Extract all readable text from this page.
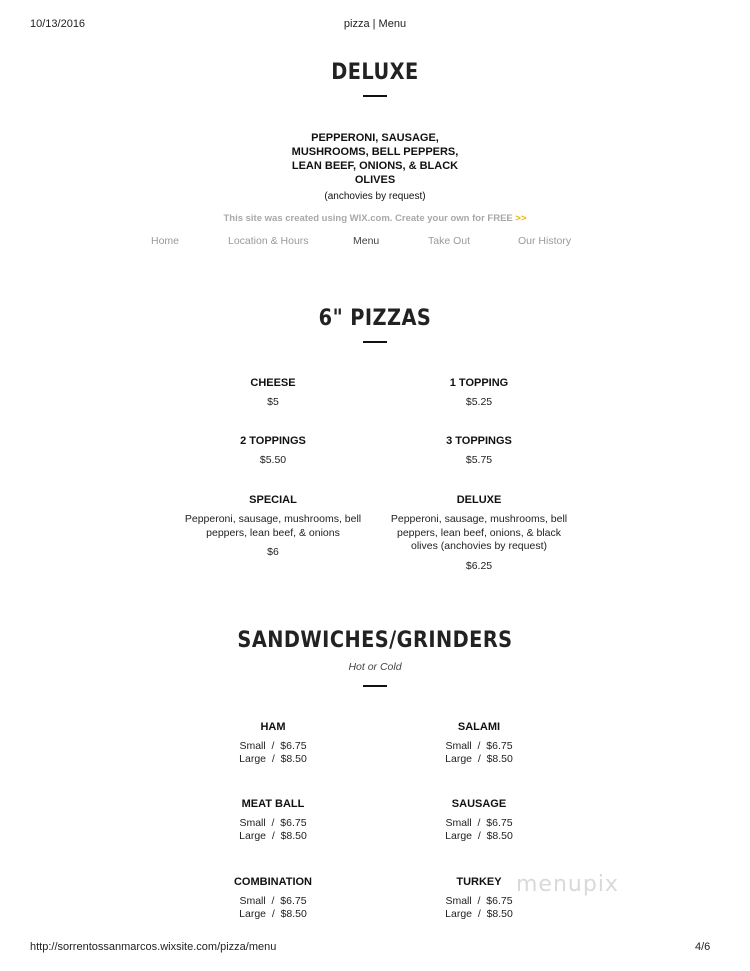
10/13/2016	pizza | Menu
DELUXE
PEPPERONI, SAUSAGE,
MUSHROOMS, BELL PEPPERS,
LEAN BEEF, ONIONS, & BLACK
OLIVES
(anchovies by request)
This site was created using WIX.com. Create your own for FREE >>
Home	Location & Hours	Menu	Take Out	Our History
6" PIZZAS
CHEESE
$5
1 TOPPING
$5.25
2 TOPPINGS
$5.50
3 TOPPINGS
$5.75
SPECIAL
Pepperoni, sausage, mushrooms, bell
peppers, lean beef, & onions
$6
DELUXE
Pepperoni, sausage, mushrooms, bell
peppers, lean beef, onions, & black
olives (anchovies by request)
$6.25
SANDWICHES/GRINDERS
Hot or Cold
HAM
Small  /  $6.75
Large  /  $8.50
SALAMI
Small  /  $6.75
Large  /  $8.50
MEAT BALL
Small  /  $6.75
Large  /  $8.50
SAUSAGE
Small  /  $6.75
Large  /  $8.50
COMBINATION
Small  /  $6.75
Large  /  $8.50
TURKEY
Small  /  $6.75
Large  /  $8.50
menupix
http://sorrentossanmarcos.wixsite.com/pizza/menu	4/6
